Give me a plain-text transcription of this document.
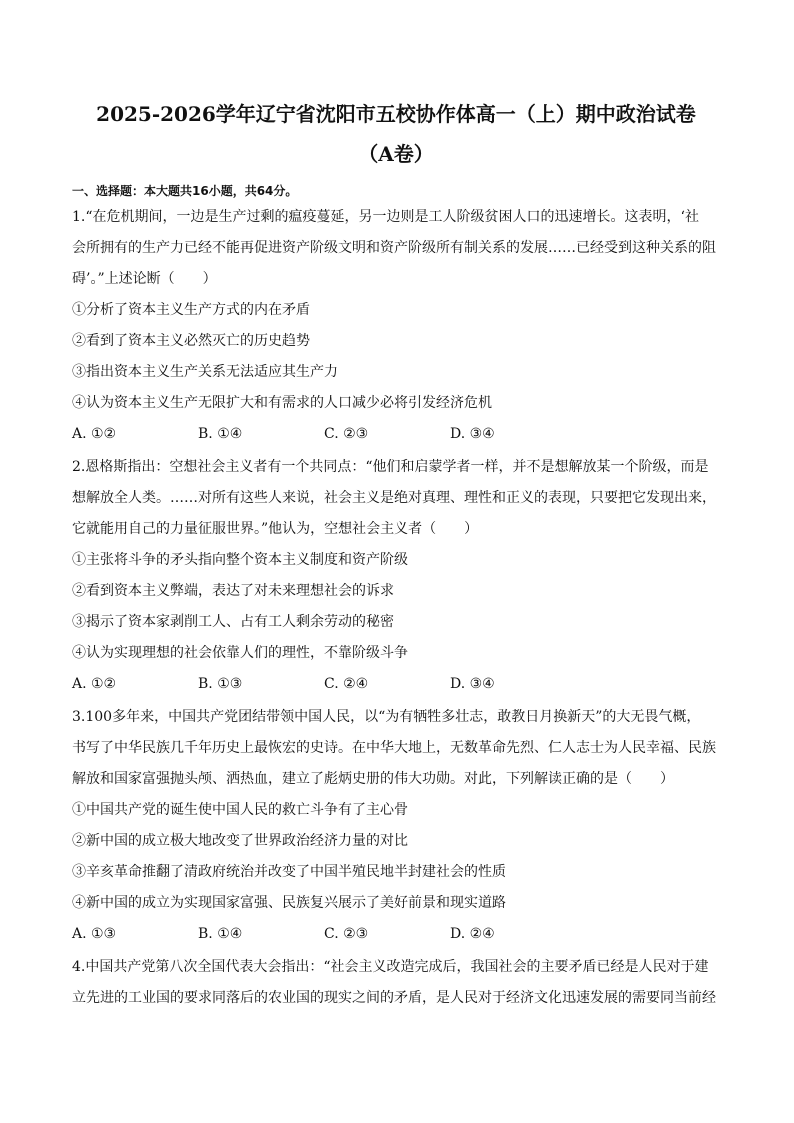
2025-2026学年辽宁省沈阳市五校协作体高一（上）期中政治试卷
（A卷）
一、选择题：本大题共16小题，共64分。

1.“在危机期间，一边是生产过剩的瘟疫蔓延，另一边则是工人阶级贫困人口的迅速增长。这表明，‘社

会所拥有的生产力已经不能再促进资产阶级文明和资产阶级所有制关系的发展……已经受到这种关系的阻

碍’。”上述论断（　　）

①分析了资本主义生产方式的内在矛盾

②看到了资本主义必然灭亡的历史趋势

③指出资本主义生产关系无法适应其生产力

④认为资本主义生产无限扩大和有需求的人口减少必将引发经济危机

A. ①②	B. ①④	C. ②③	D. ③④

2.恩格斯指出：空想社会主义者有一个共同点：“他们和启蒙学者一样，并不是想解放某一个阶级，而是

想解放全人类。……对所有这些人来说，社会主义是绝对真理、理性和正义的表现，只要把它发现出来，

它就能用自己的力量征服世界。”他认为，空想社会主义者（　　）

①主张将斗争的矛头指向整个资本主义制度和资产阶级

②看到资本主义弊端，表达了对未来理想社会的诉求

③揭示了资本家剥削工人、占有工人剩余劳动的秘密

④认为实现理想的社会依靠人们的理性，不靠阶级斗争

A. ①②	B. ①③	C. ②④	D. ③④

3.100多年来，中国共产党团结带领中国人民，以“为有牺牲多壮志，敢教日月换新天”的大无畏气概，

书写了中华民族几千年历史上最恢宏的史诗。在中华大地上，无数革命先烈、仁人志士为人民幸福、民族

解放和国家富强抛头颅、洒热血，建立了彪炳史册的伟大功勋。对此，下列解读正确的是（　　）

①中国共产党的诞生使中国人民的救亡斗争有了主心骨

②新中国的成立极大地改变了世界政治经济力量的对比

③辛亥革命推翻了清政府统治并改变了中国半殖民地半封建社会的性质

④新中国的成立为实现国家富强、民族复兴展示了美好前景和现实道路

A. ①③	B. ①④	C. ②③	D. ②④

4.中国共产党第八次全国代表大会指出：“社会主义改造完成后，我国社会的主要矛盾已经是人民对于建

立先进的工业国的要求同落后的农业国的现实之间的矛盾，是人民对于经济文化迅速发展的需要同当前经
